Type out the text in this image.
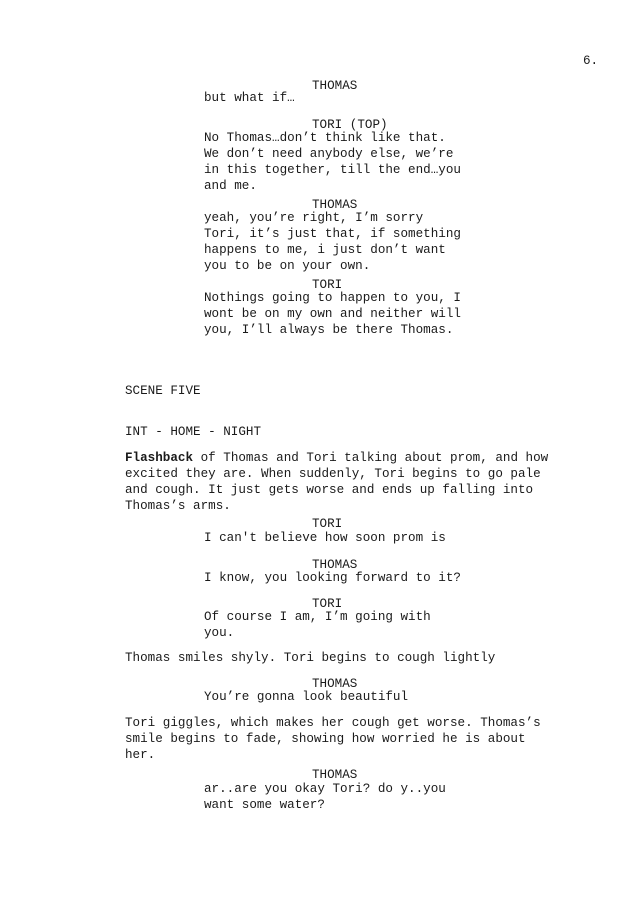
6.
THOMAS
but what if…
TORI (TOP)
No Thomas…don’t think like that.
We don’t need anybody else, we’re
in this together, till the end…you
and me.
THOMAS
yeah, you’re right, I’m sorry
Tori, it’s just that, if something
happens to me, i just don’t want
you to be on your own.
TORI
Nothings going to happen to you, I
wont be on my own and neither will
you, I’ll always be there Thomas.
SCENE FIVE
INT - HOME - NIGHT
Flashback of Thomas and Tori talking about prom, and how
excited they are. When suddenly, Tori begins to go pale
and cough. It just gets worse and ends up falling into
Thomas’s arms.
TORI
I can't believe how soon prom is
THOMAS
I know, you looking forward to it?
TORI
Of course I am, I’m going with
you.
Thomas smiles shyly. Tori begins to cough lightly
THOMAS
You’re gonna look beautiful
Tori giggles, which makes her cough get worse. Thomas’s
smile begins to fade, showing how worried he is about
her.
THOMAS
ar..are you okay Tori? do y..you
want some water?
